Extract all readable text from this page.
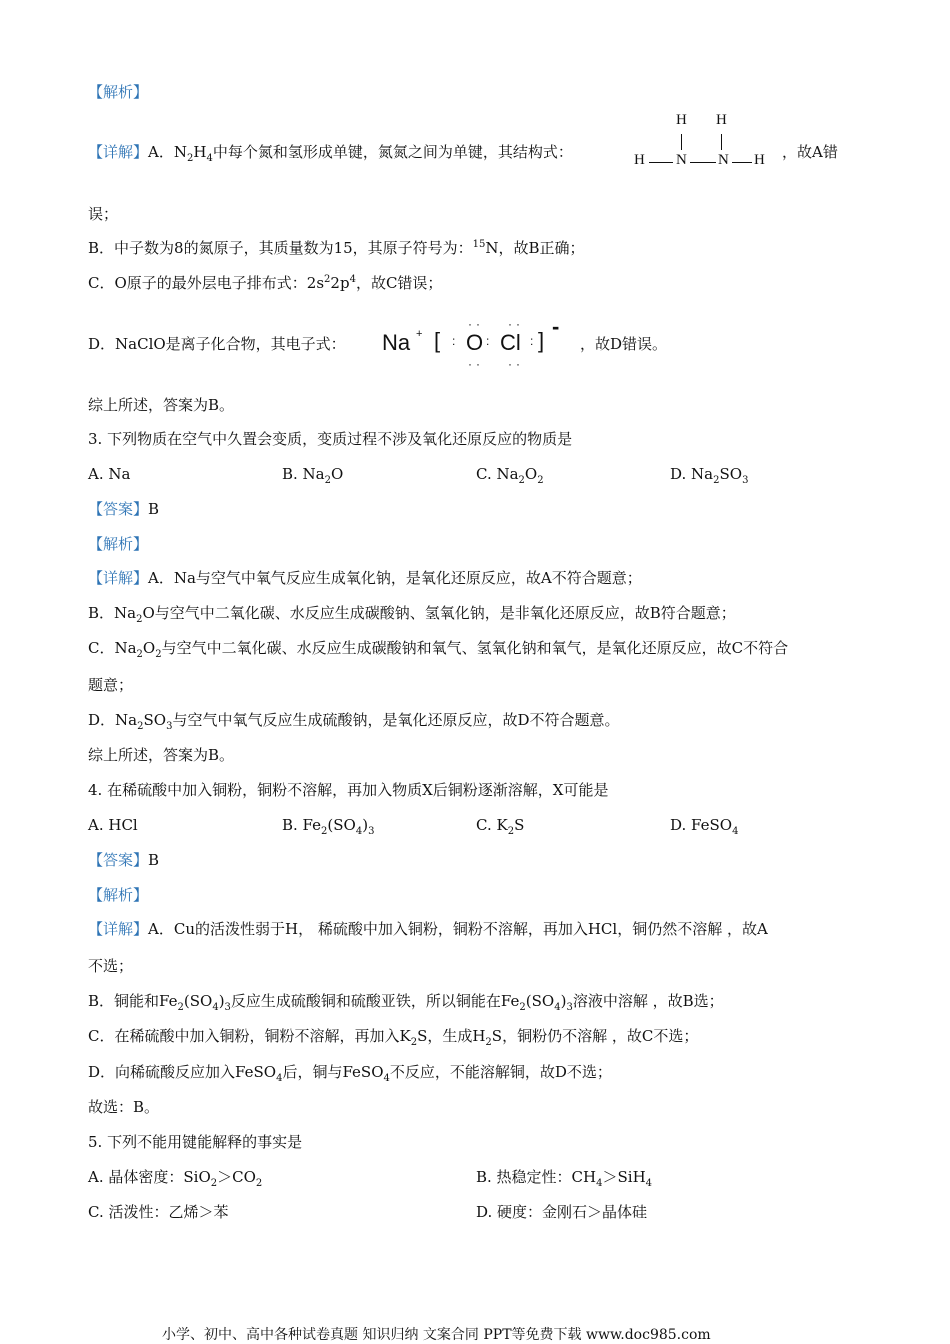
【解析】
【详解】A．$N_2H_4$中每个氮和氢形成单键，氮氮之间为单键，其结构式：
H H
H N N H ，故A错
误；
B．中子数为8的氮原子，其质量数为15，其原子符号为：$^{15}$N，故B正确；
C．O原子的最外层电子排布式：$2s^22p^4$，故C错误；
D．NaClO是离子化合物，其电子式： Na + [ :
··
O
··
:
··
Cl
··
: ]
-
，故D错误。
综上所述，答案为B。
3. 下列物质在空气中久置会变质，变质过程不涉及氧化还原反应的物质是
A. Na	B. $Na_2O$	C. $Na_2O_2$	D. $Na_2SO_3$
【答案】B
【解析】
【详解】A．Na与空气中氧气反应生成氧化钠，是氧化还原反应，故A不符合题意；
B．$Na_2O$与空气中二氧化碳、水反应生成碳酸钠、氢氧化钠，是非氧化还原反应，故B符合题意；
C．$Na_2O_2$与空气中二氧化碳、水反应生成碳酸钠和氧气、氢氧化钠和氧气，是氧化还原反应，故C不符合
题意；
D．$Na_2SO_3$与空气中氧气反应生成硫酸钠，是氧化还原反应，故D不符合题意。
综上所述，答案为B。
4. 在稀硫酸中加入铜粉，铜粉不溶解，再加入物质X后铜粉逐渐溶解，X可能是
A. HCl	B. $Fe_2(SO_4)_3$	C. $K_2S$	D. FeSO$_4$
【答案】B
【解析】
【详解】A．Cu的活泼性弱于H， 稀硫酸中加入铜粉，铜粉不溶解，再加入HCl，铜仍然不溶解 ，故A
不选；
B．铜能和$Fe_2(SO_4)_3$反应生成硫酸铜和硫酸亚铁，所以铜能在$Fe_2(SO_4)_3$溶液中溶解 ，故B选；
C．在稀硫酸中加入铜粉，铜粉不溶解，再加入$K_2S$，生成$H_2S$，铜粉仍不溶解 ，故C不选；
D．向稀硫酸反应加入FeSO$_4$后，铜与FeSO$_4$不反应，不能溶解铜，故D不选；
故选：B。
5. 下列不能用键能解释的事实是
A. 晶体密度：$SiO_2>CO_2$	B. 热稳定性：$CH_4>SiH_4$
C. 活泼性：乙烯＞苯	D. 硬度：金刚石＞晶体硅
小学、初中、高中各种试卷真题 知识归纳 文案合同 PPT等免费下载 www.doc985.com
